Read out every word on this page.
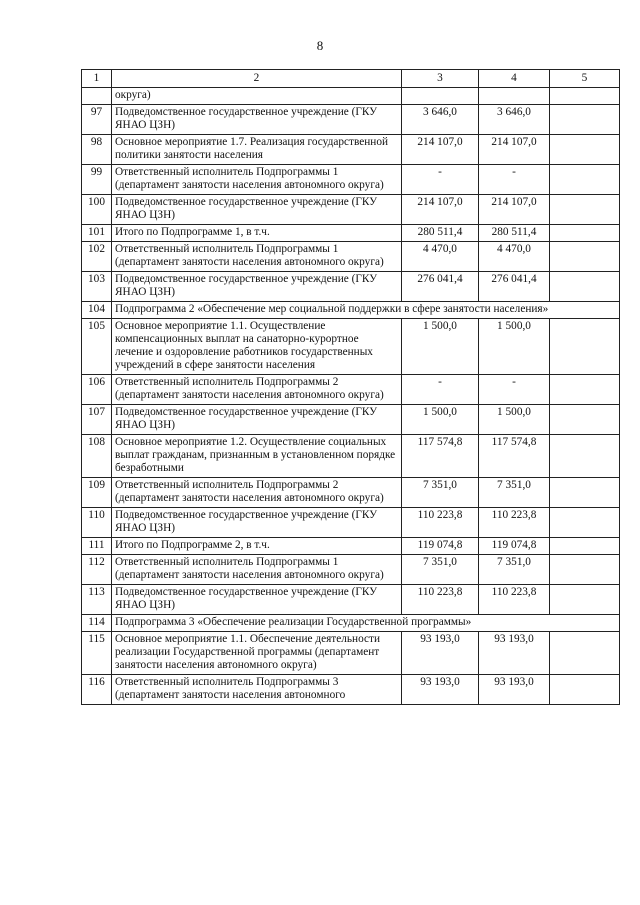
8
1	2	3	4	5
	округа)			
97	Подведомственное государственное учреждение (ГКУ ЯНАО ЦЗН)	3 646,0	3 646,0	
98	Основное мероприятие 1.7. Реализация государственной политики занятости населения	214 107,0	214 107,0	
99	Ответственный исполнитель Подпрограммы 1 (департамент занятости населения автономного округа)	-	-	
100	Подведомственное государственное учреждение (ГКУ ЯНАО ЦЗН)	214 107,0	214 107,0	
101	Итого по Подпрограмме 1, в т.ч.	280 511,4	280 511,4	
102	Ответственный исполнитель Подпрограммы 1 (департамент занятости населения автономного округа)	4 470,0	4 470,0	
103	Подведомственное государственное учреждение (ГКУ ЯНАО ЦЗН)	276 041,4	276 041,4	
104	Подпрограмма 2 «Обеспечение мер социальной поддержки в сфере занятости населения»			
105	Основное мероприятие 1.1. Осуществление компенсационных выплат на санаторно-курортное лечение и оздоровление работников государственных учреждений в сфере занятости населения	1 500,0	1 500,0	
106	Ответственный исполнитель Подпрограммы 2 (департамент занятости населения автономного округа)	-	-	
107	Подведомственное государственное учреждение (ГКУ ЯНАО ЦЗН)	1 500,0	1 500,0	
108	Основное мероприятие 1.2. Осуществление социальных выплат гражданам, признанным в установленном порядке безработными	117 574,8	117 574,8	
109	Ответственный исполнитель Подпрограммы 2 (департамент занятости населения автономного округа)	7 351,0	7 351,0	
110	Подведомственное государственное учреждение (ГКУ ЯНАО ЦЗН)	110 223,8	110 223,8	
111	Итого по Подпрограмме 2, в т.ч.	119 074,8	119 074,8	
112	Ответственный исполнитель Подпрограммы 1 (департамент занятости населения автономного округа)	7 351,0	7 351,0	
113	Подведомственное государственное учреждение (ГКУ ЯНАО ЦЗН)	110 223,8	110 223,8	
114	Подпрограмма 3 «Обеспечение реализации Государственной программы»			
115	Основное мероприятие 1.1. Обеспечение деятельности реализации Государственной программы (департамент занятости населения автономного округа)	93 193,0	93 193,0	
116	Ответственный исполнитель Подпрограммы 3 (департамент занятости населения автономного	93 193,0	93 193,0	
